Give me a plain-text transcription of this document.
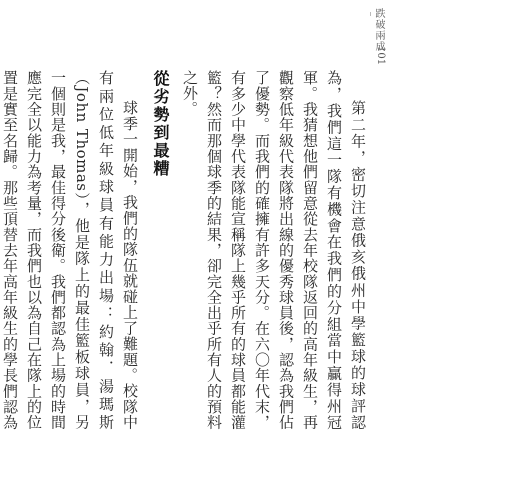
跌破兩成
101

第二年，密切注意俄亥俄州中學籃球的球評認為，我們這一隊有機會在我們的分組當中贏得州冠軍。我猜想他們留意從去年校隊返回的高年級生，再觀察低年級代表隊將出線的優秀球員後，認為我們佔了優勢。而我們的確擁有許多天分。在六〇年代末，有多少中學代表隊能宣稱隊上幾乎所有的球員都能灌籃？然而那個球季的結果，卻完全出乎所有人的預料之外。

從劣勢到最糟

球季一開始，我們的隊伍就碰上了難題。校隊中有兩位低年級球員有能力出場：約翰．湯瑪斯（John Thomas），他是隊上的最佳籃板球員，另一個則是我，最佳得分後衛。我們都認為上場的時間應完全以能力為考量，而我們也以為自己在隊上的位置是實至名歸。那些頂替去年高年級生的學長們認為
